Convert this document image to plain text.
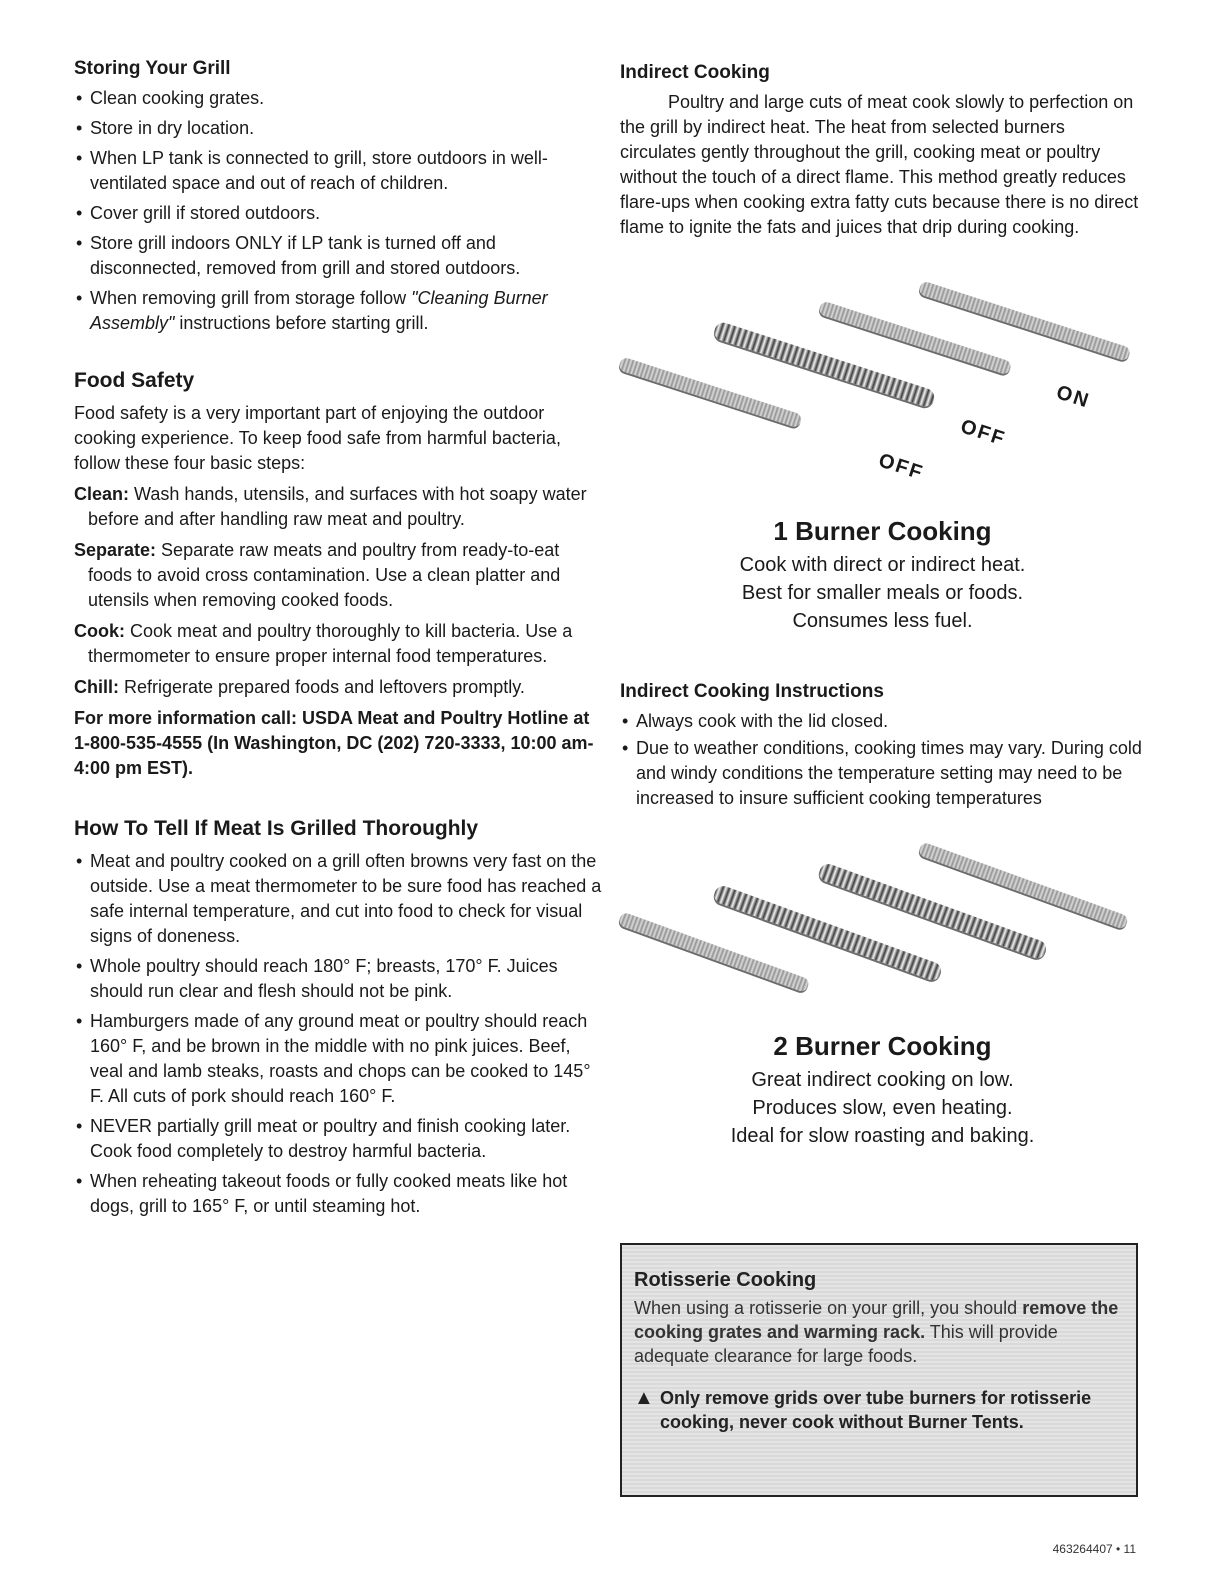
Storing Your Grill
• Clean cooking grates.
• Store in dry location.
• When LP tank is connected to grill, store outdoors in well-ventilated space and out of reach of children.
• Cover grill if stored outdoors.
• Store grill indoors ONLY if LP tank is turned off and disconnected, removed from grill and stored outdoors.
• When removing grill from storage follow "Cleaning Burner Assembly" instructions before starting grill.
Food Safety

Food safety is a very important part of enjoying the outdoor cooking experience. To keep food safe from harmful bacteria, follow these four basic steps:

Clean: Wash hands, utensils, and surfaces with hot soapy water before and after handling raw meat and poultry.

Separate: Separate raw meats and poultry from ready-to-eat foods to avoid cross contamination. Use a clean platter and utensils when removing cooked foods.

Cook: Cook meat and poultry thoroughly to kill bacteria. Use a thermometer to ensure proper internal food temperatures.

Chill: Refrigerate prepared foods and leftovers promptly.

For more information call: USDA Meat and Poultry Hotline at 1-800-535-4555 (In Washington, DC (202) 720-3333, 10:00 am-4:00 pm EST).

How To Tell If Meat Is Grilled Thoroughly
• Meat and poultry cooked on a grill often browns very fast on the outside. Use a meat thermometer to be sure food has reached a safe internal temperature, and cut into food to check for visual signs of doneness.
• Whole poultry should reach 180° F; breasts, 170° F. Juices should run clear and flesh should not be pink.
• Hamburgers made of any ground meat or poultry should reach 160° F, and be brown in the middle with no pink juices. Beef, veal and lamb steaks, roasts and chops can be cooked to 145° F. All cuts of pork should reach 160° F.
• NEVER partially grill meat or poultry and finish cooking later. Cook food completely to destroy harmful bacteria.
• When reheating takeout foods or fully cooked meats like hot dogs, grill to 165° F, or until steaming hot.
Indirect Cooking

Poultry and large cuts of meat cook slowly to perfection on the grill by indirect heat. The heat from selected burners circulates gently throughout the grill, cooking meat or poultry without the touch of a direct flame. This method greatly reduces flare-ups when cooking extra fatty cuts because there is no direct flame to ignite the fats and juices that drip during cooking.

ON
OFF
OFF
1 Burner Cooking

Cook with direct or indirect heat.

Best for smaller meals or foods.

Consumes less fuel.

Indirect Cooking Instructions
• Always cook with the lid closed.
• Due to weather conditions, cooking times may vary. During cold and windy conditions the temperature setting may need to be increased to insure sufficient cooking temperatures
2 Burner Cooking

Great indirect cooking on low.

Produces slow, even heating.

Ideal for slow roasting and baking.

Rotisserie Cooking

When using a rotisserie on your grill, you should remove the cooking grates and warming rack. This will provide adequate clearance for large foods.

▲ Only remove grids over tube burners for rotisserie cooking, never cook without Burner Tents.

463264407 • 11
